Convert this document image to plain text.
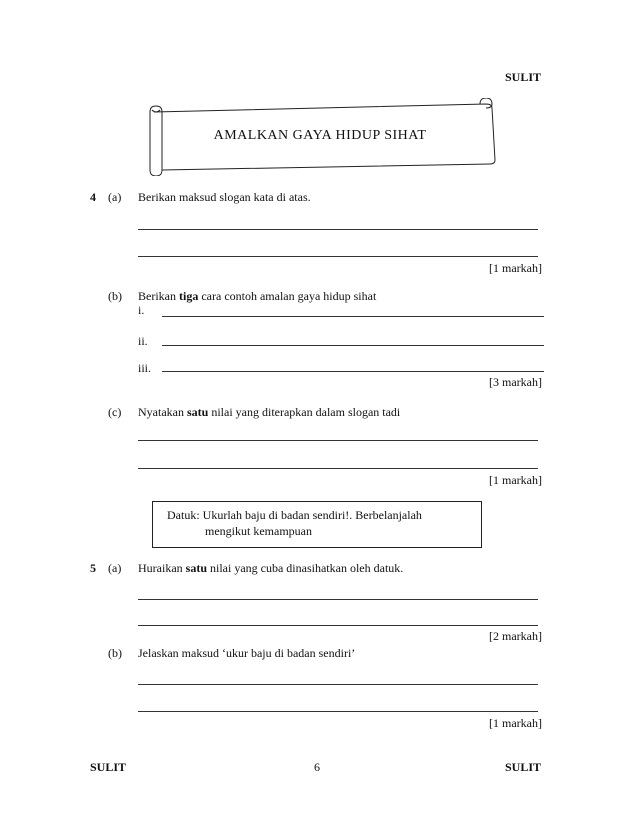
SULIT
AMALKAN GAYA HIDUP SIHAT
4 (a) Berikan maksud slogan kata di atas.
[1 markah]
(b) Berikan tiga cara contoh amalan gaya hidup sihat
i.
ii.
iii.
[3 markah]
(c) Nyatakan satu nilai yang diterapkan dalam slogan tadi
[1 markah]
Datuk: Ukurlah baju di badan sendiri!. Berbelanjalah
mengikut kemampuan
5 (a) Huraikan satu nilai yang cuba dinasihatkan oleh datuk.
[2 markah]
(b) Jelaskan maksud ‘ukur baju di badan sendiri’
[1 markah]
SULIT	6	SULIT
